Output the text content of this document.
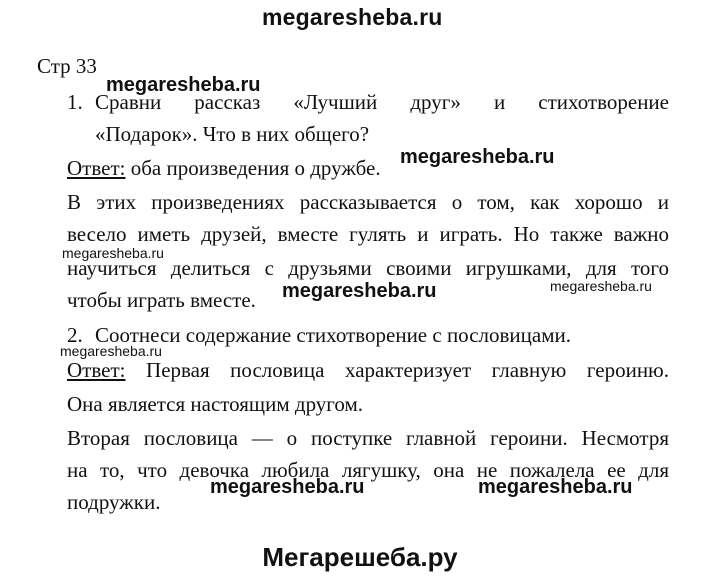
megaresheba.ru
Стр 33
megaresheba.ru
1. Сравни рассказ «Лучший друг» и стихотворение
«Подарок». Что в них общего?
Ответ: оба произведения о дружбе. megaresheba.ru
В этих произведениях рассказывается о том, как хорошо и
весело иметь друзей, вместе гулять и играть. Но также важно
megaresheba.ru
научиться делиться с друзьями своими игрушками, для того
megaresheba.ru	megaresheba.ru
чтобы играть вместе.
2. Соотнеси содержание стихотворение с пословицами.
megaresheba.ru
Ответ: Первая пословица характеризует главную героиню.
Она является настоящим другом.
Вторая пословица — о поступке главной героини. Несмотря
на то, что девочка любила лягушку, она не пожалела ее для
megaresheba.ru	megaresheba.ru
подружки.
Мегарешеба.ру
